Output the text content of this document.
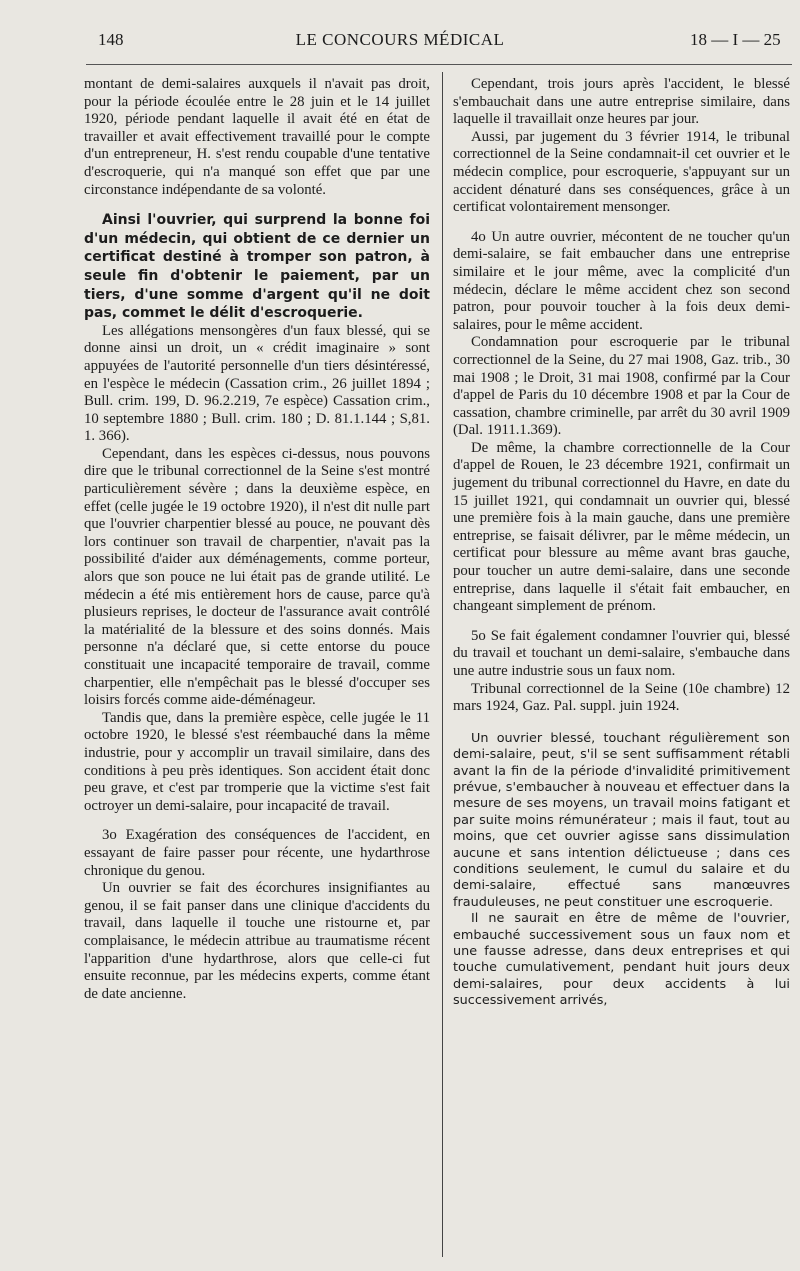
148	LE CONCOURS MÉDICAL	18 — I — 25

montant de demi-salaires auxquels il n'avait pas droit, pour la période écoulée entre le 28 juin et le 14 juillet 1920, période pendant laquelle il avait été en état de travailler et avait effectivement travaillé pour le compte d'un entrepreneur, H. s'est rendu coupable d'une tentative d'escroquerie, qui n'a manqué son effet que par une circonstance indépendante de sa volonté.

Ainsi l'ouvrier, qui surprend la bonne foi d'un médecin, qui obtient de ce dernier un certificat destiné à tromper son patron, à seule fin d'obtenir le paiement, par un tiers, d'une somme d'argent qu'il ne doit pas, commet le délit d'escroquerie.

Les allégations mensongères d'un faux blessé, qui se donne ainsi un droit, un « crédit imaginaire » sont appuyées de l'autorité personnelle d'un tiers désintéressé, en l'espèce le médecin (Cassation crim., 26 juillet 1894 ; Bull. crim. 199, D. 96.2.219, 7e espèce) Cassation crim., 10 septembre 1880 ; Bull. crim. 180 ; D. 81.1.144 ; S,81. 1. 366).

Cependant, dans les espèces ci-dessus, nous pouvons dire que le tribunal correctionnel de la Seine s'est montré particulièrement sévère ; dans la deuxième espèce, en effet (celle jugée le 19 octobre 1920), il n'est dit nulle part que l'ouvrier charpentier blessé au pouce, ne pouvant dès lors continuer son travail de charpentier, n'avait pas la possibilité d'aider aux déménagements, comme porteur, alors que son pouce ne lui était pas de grande utilité. Le médecin a été mis entièrement hors de cause, parce qu'à plusieurs reprises, le docteur de l'assurance avait contrôlé la matérialité de la blessure et des soins donnés. Mais personne n'a déclaré que, si cette entorse du pouce constituait une incapacité temporaire de travail, comme charpentier, elle n'empêchait pas le blessé d'occuper ses loisirs forcés comme aide-déménageur.

Tandis que, dans la première espèce, celle jugée le 11 octobre 1920, le blessé s'est réembauché dans la même industrie, pour y accomplir un travail similaire, dans des conditions à peu près identiques. Son accident était donc peu grave, et c'est par tromperie que la victime s'est fait octroyer un demi-salaire, pour incapacité de travail.

3o Exagération des conséquences de l'accident, en essayant de faire passer pour récente, une hydarthrose chronique du genou.

Un ouvrier se fait des écorchures insignifiantes au genou, il se fait panser dans une clinique d'accidents du travail, dans laquelle il touche une ristourne et, par complaisance, le médecin attribue au traumatisme récent l'apparition d'une hydarthrose, alors que celle-ci fut ensuite reconnue, par les médecins experts, comme étant de date ancienne.

Cependant, trois jours après l'accident, le blessé s'embauchait dans une autre entreprise similaire, dans laquelle il travaillait onze heures par jour.

Aussi, par jugement du 3 février 1914, le tribunal correctionnel de la Seine condamnait-il cet ouvrier et le médecin complice, pour escroquerie, s'appuyant sur un accident dénaturé dans ses conséquences, grâce à un certificat volontairement mensonger.

4o Un autre ouvrier, mécontent de ne toucher qu'un demi-salaire, se fait embaucher dans une entreprise similaire et le jour même, avec la complicité d'un médecin, déclare le même accident chez son second patron, pour pouvoir toucher à la fois deux demi-salaires, pour le même accident.

Condamnation pour escroquerie par le tribunal correctionnel de la Seine, du 27 mai 1908, Gaz. trib., 30 mai 1908 ; le Droit, 31 mai 1908, confirmé par la Cour d'appel de Paris du 10 décembre 1908 et par la Cour de cassation, chambre criminelle, par arrêt du 30 avril 1909 (Dal. 1911.1.369).

De même, la chambre correctionnelle de la Cour d'appel de Rouen, le 23 décembre 1921, confirmait un jugement du tribunal correctionnel du Havre, en date du 15 juillet 1921, qui condamnait un ouvrier qui, blessé une première fois à la main gauche, dans une première entreprise, se faisait délivrer, par le même médecin, un certificat pour blessure au même avant bras gauche, pour toucher un autre demi-salaire, dans une seconde entreprise, dans laquelle il s'était fait embaucher, en changeant simplement de prénom.

5o Se fait également condamner l'ouvrier qui, blessé du travail et touchant un demi-salaire, s'embauche dans une autre industrie sous un faux nom.

Tribunal correctionnel de la Seine (10e chambre) 12 mars 1924, Gaz. Pal. suppl. juin 1924.

Un ouvrier blessé, touchant régulièrement son demi-salaire, peut, s'il se sent suffisamment rétabli avant la fin de la période d'invalidité primitivement prévue, s'embaucher à nouveau et effectuer dans la mesure de ses moyens, un travail moins fatigant et par suite moins rémunérateur ; mais il faut, tout au moins, que cet ouvrier agisse sans dissimulation aucune et sans intention délictueuse ; dans ces conditions seulement, le cumul du salaire et du demi-salaire, effectué sans manœuvres frauduleuses, ne peut constituer une escroquerie.

Il ne saurait en être de même de l'ouvrier, embauché successivement sous un faux nom et une fausse adresse, dans deux entreprises et qui touche cumulativement, pendant huit jours deux demi-salaires, pour deux accidents à lui successivement arrivés,
